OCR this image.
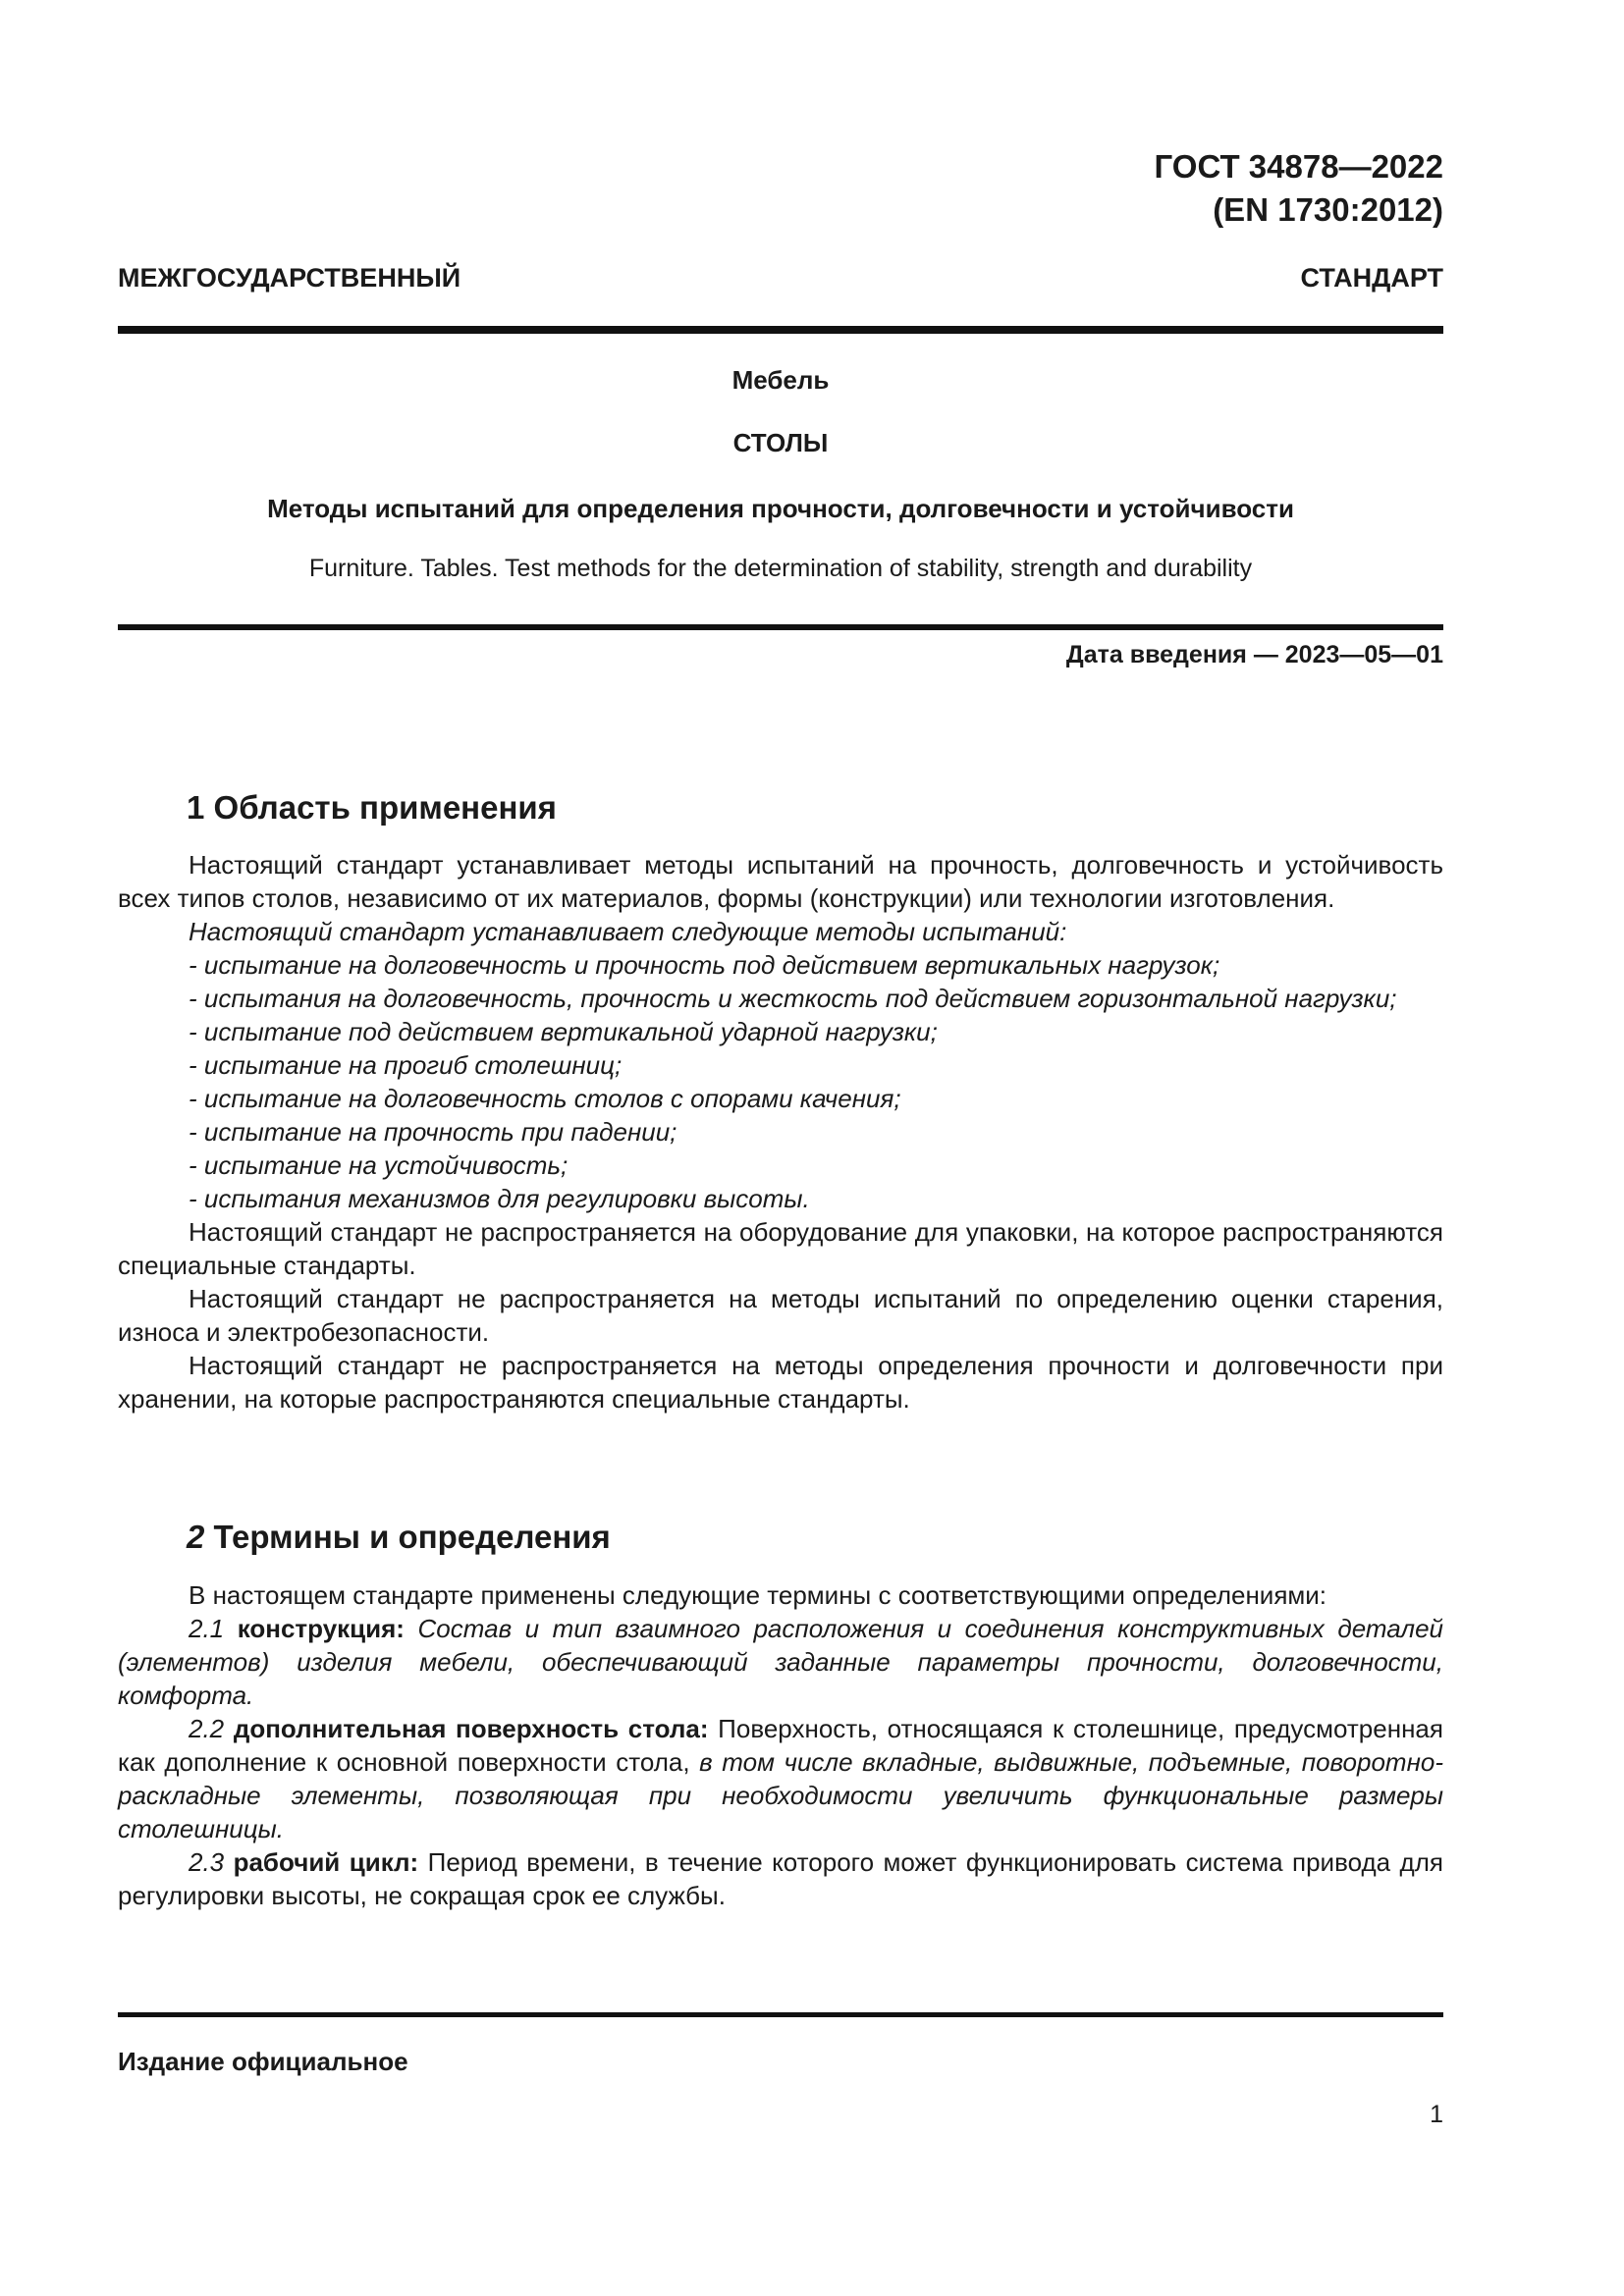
ГОСТ 34878—2022
(EN 1730:2012)
МЕЖГОСУДАРСТВЕННЫЙ СТАНДАРТ
Мебель
СТОЛЫ
Методы испытаний для определения прочности, долговечности и устойчивости
Furniture. Tables. Test methods for the determination of stability, strength and durability
Дата введения — 2023—05—01
1 Область применения

Настоящий стандарт устанавливает методы испытаний на прочность, долговечность и устойчивость всех типов столов, независимо от их материалов, формы (конструкции) или технологии изготовления.

Настоящий стандарт устанавливает следующие методы испытаний:

- испытание на долговечность и прочность под действием вертикальных нагрузок;

- испытания на долговечность, прочность и жесткость под действием горизонтальной нагрузки;

- испытание под действием вертикальной ударной нагрузки;

- испытание на прогиб столешниц;

- испытание на долговечность столов с опорами качения;

- испытание на прочность при падении;

- испытание на устойчивость;

- испытания механизмов для регулировки высоты.

Настоящий стандарт не распространяется на оборудование для упаковки, на которое распространяются специальные стандарты.

Настоящий стандарт не распространяется на методы испытаний по определению оценки старения, износа и электробезопасности.

Настоящий стандарт не распространяется на методы определения прочности и долговечности при хранении, на которые распространяются специальные стандарты.

2 Термины и определения

В настоящем стандарте применены следующие термины с соответствующими определениями:

2.1 конструкция: Состав и тип взаимного расположения и соединения конструктивных деталей (элементов) изделия мебели, обеспечивающий заданные параметры прочности, долговечности, комфорта.

2.2 дополнительная поверхность стола: Поверхность, относящаяся к столешнице, предусмотренная как дополнение к основной поверхности стола, в том числе вкладные, выдвижные, подъемные, поворотно-раскладные элементы, позволяющая при необходимости увеличить функциональные размеры столешницы.

2.3 рабочий цикл: Период времени, в течение которого может функционировать система привода для регулировки высоты, не сокращая срок ее службы.

Издание официальное
1
